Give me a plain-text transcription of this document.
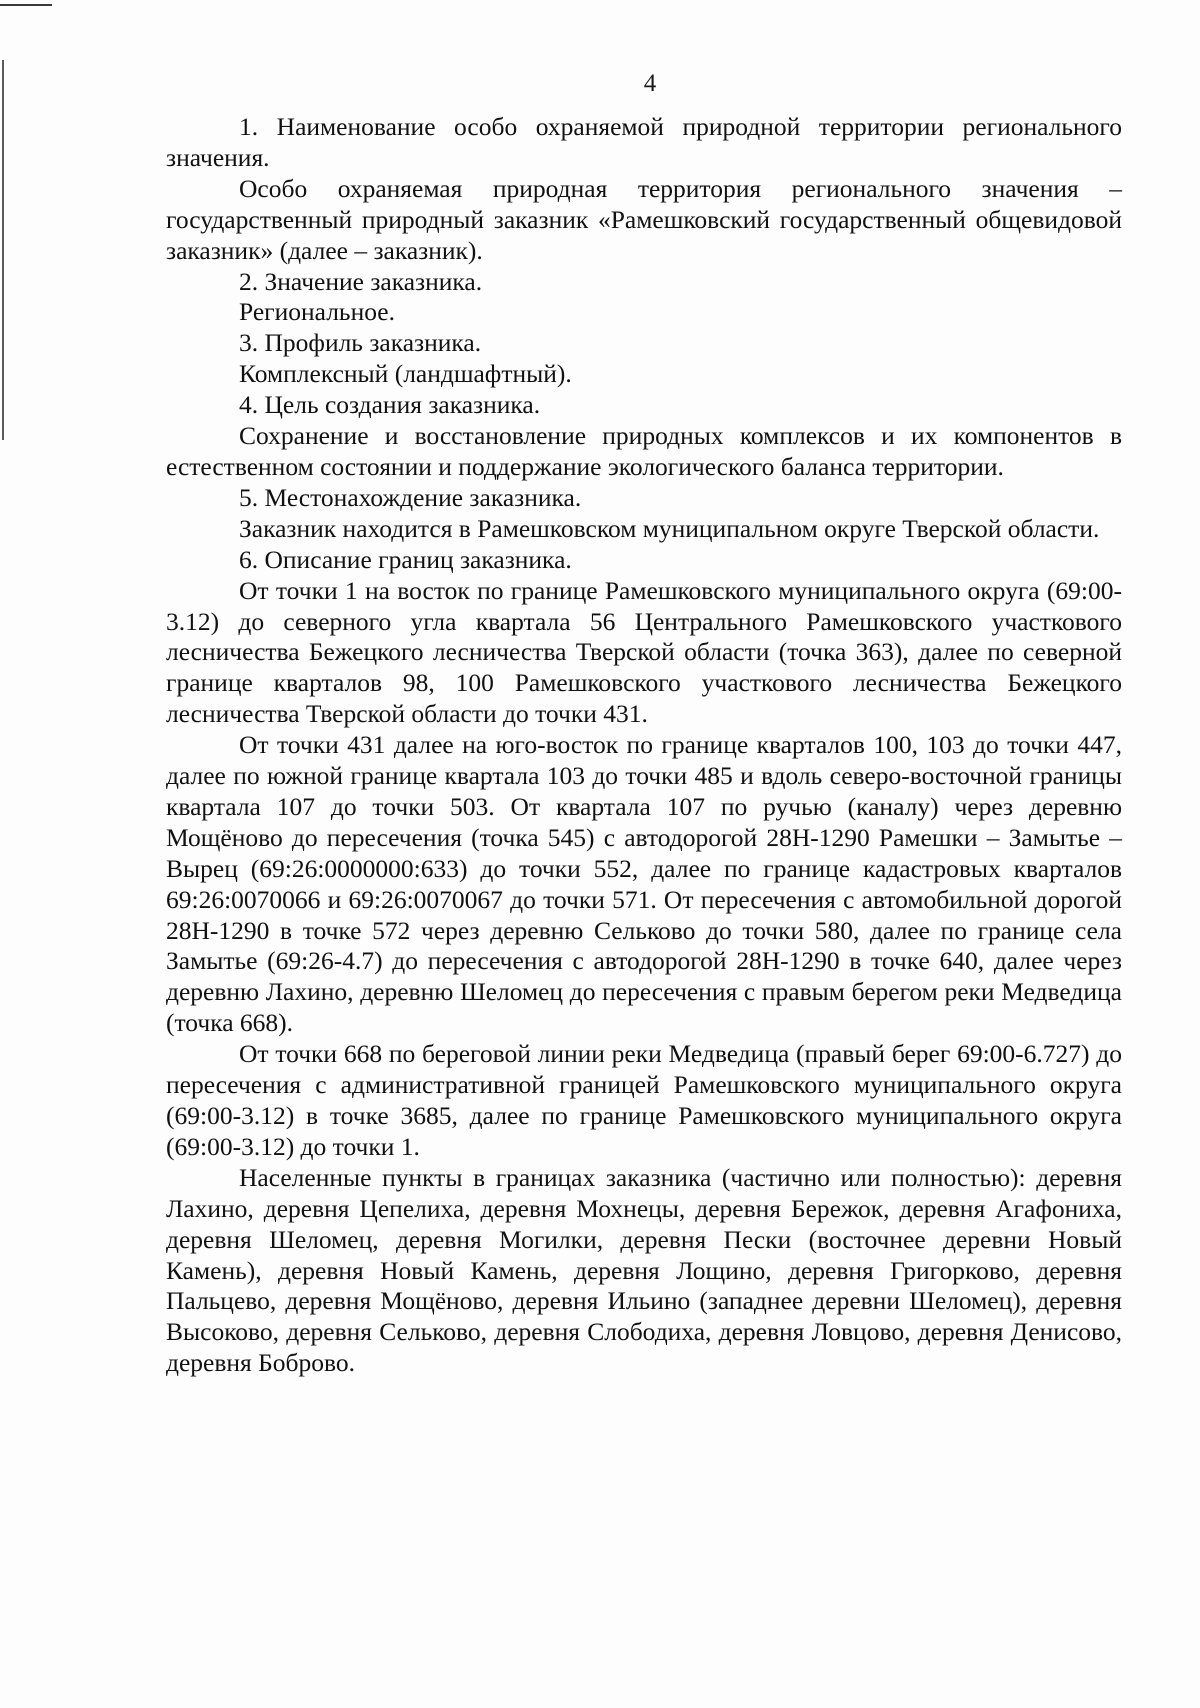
4

1. Наименование особо охраняемой природной территории регионального значения.

Особо охраняемая природная территория регионального значения – государственный природный заказник «Рамешковский государственный общевидовой заказник» (далее – заказник).

2. Значение заказника.

Региональное.

3. Профиль заказника.

Комплексный (ландшафтный).

4. Цель создания заказника.

Сохранение и восстановление природных комплексов и их компонентов в естественном состоянии и поддержание экологического баланса территории.

5. Местонахождение заказника.

Заказник находится в Рамешковском муниципальном округе Тверской области.

6. Описание границ заказника.

От точки 1 на восток по границе Рамешковского муниципального округа (69:00-3.12) до северного угла квартала 56 Центрального Рамешковского участкового лесничества Бежецкого лесничества Тверской области (точка 363), далее по северной границе кварталов 98, 100 Рамешковского участкового лесничества Бежецкого лесничества Тверской области до точки 431.

От точки 431 далее на юго-восток по границе кварталов 100, 103 до точки 447, далее по южной границе квартала 103 до точки 485 и вдоль северо-восточной границы квартала 107 до точки 503. От квартала 107 по ручью (каналу) через деревню Мощёново до пересечения (точка 545) с автодорогой 28Н-1290 Рамешки – Замытье – Вырец (69:26:0000000:633) до точки 552, далее по границе кадастровых кварталов 69:26:0070066 и 69:26:0070067 до точки 571. От пересечения с автомобильной дорогой 28Н-1290 в точке 572 через деревню Сельково до точки 580, далее по границе села Замытье (69:26-4.7) до пересечения с автодорогой 28Н-1290 в точке 640, далее через деревню Лахино, деревню Шеломец до пересечения с правым берегом реки Медведица (точка 668).

От точки 668 по береговой линии реки Медведица (правый берег 69:00-6.727) до пересечения с административной границей Рамешковского муниципального округа (69:00-3.12) в точке 3685, далее по границе Рамешковского муниципального округа (69:00-3.12) до точки 1.

Населенные пункты в границах заказника (частично или полностью): деревня Лахино, деревня Цепелиха, деревня Мохнецы, деревня Бережок, деревня Агафониха, деревня Шеломец, деревня Могилки, деревня Пески (восточнее деревни Новый Камень), деревня Новый Камень, деревня Лощино, деревня Григорково, деревня Пальцево, деревня Мощёново, деревня Ильино (западнее деревни Шеломец), деревня Высоково, деревня Сельково, деревня Слободиха, деревня Ловцово, деревня Денисово, деревня Боброво.
